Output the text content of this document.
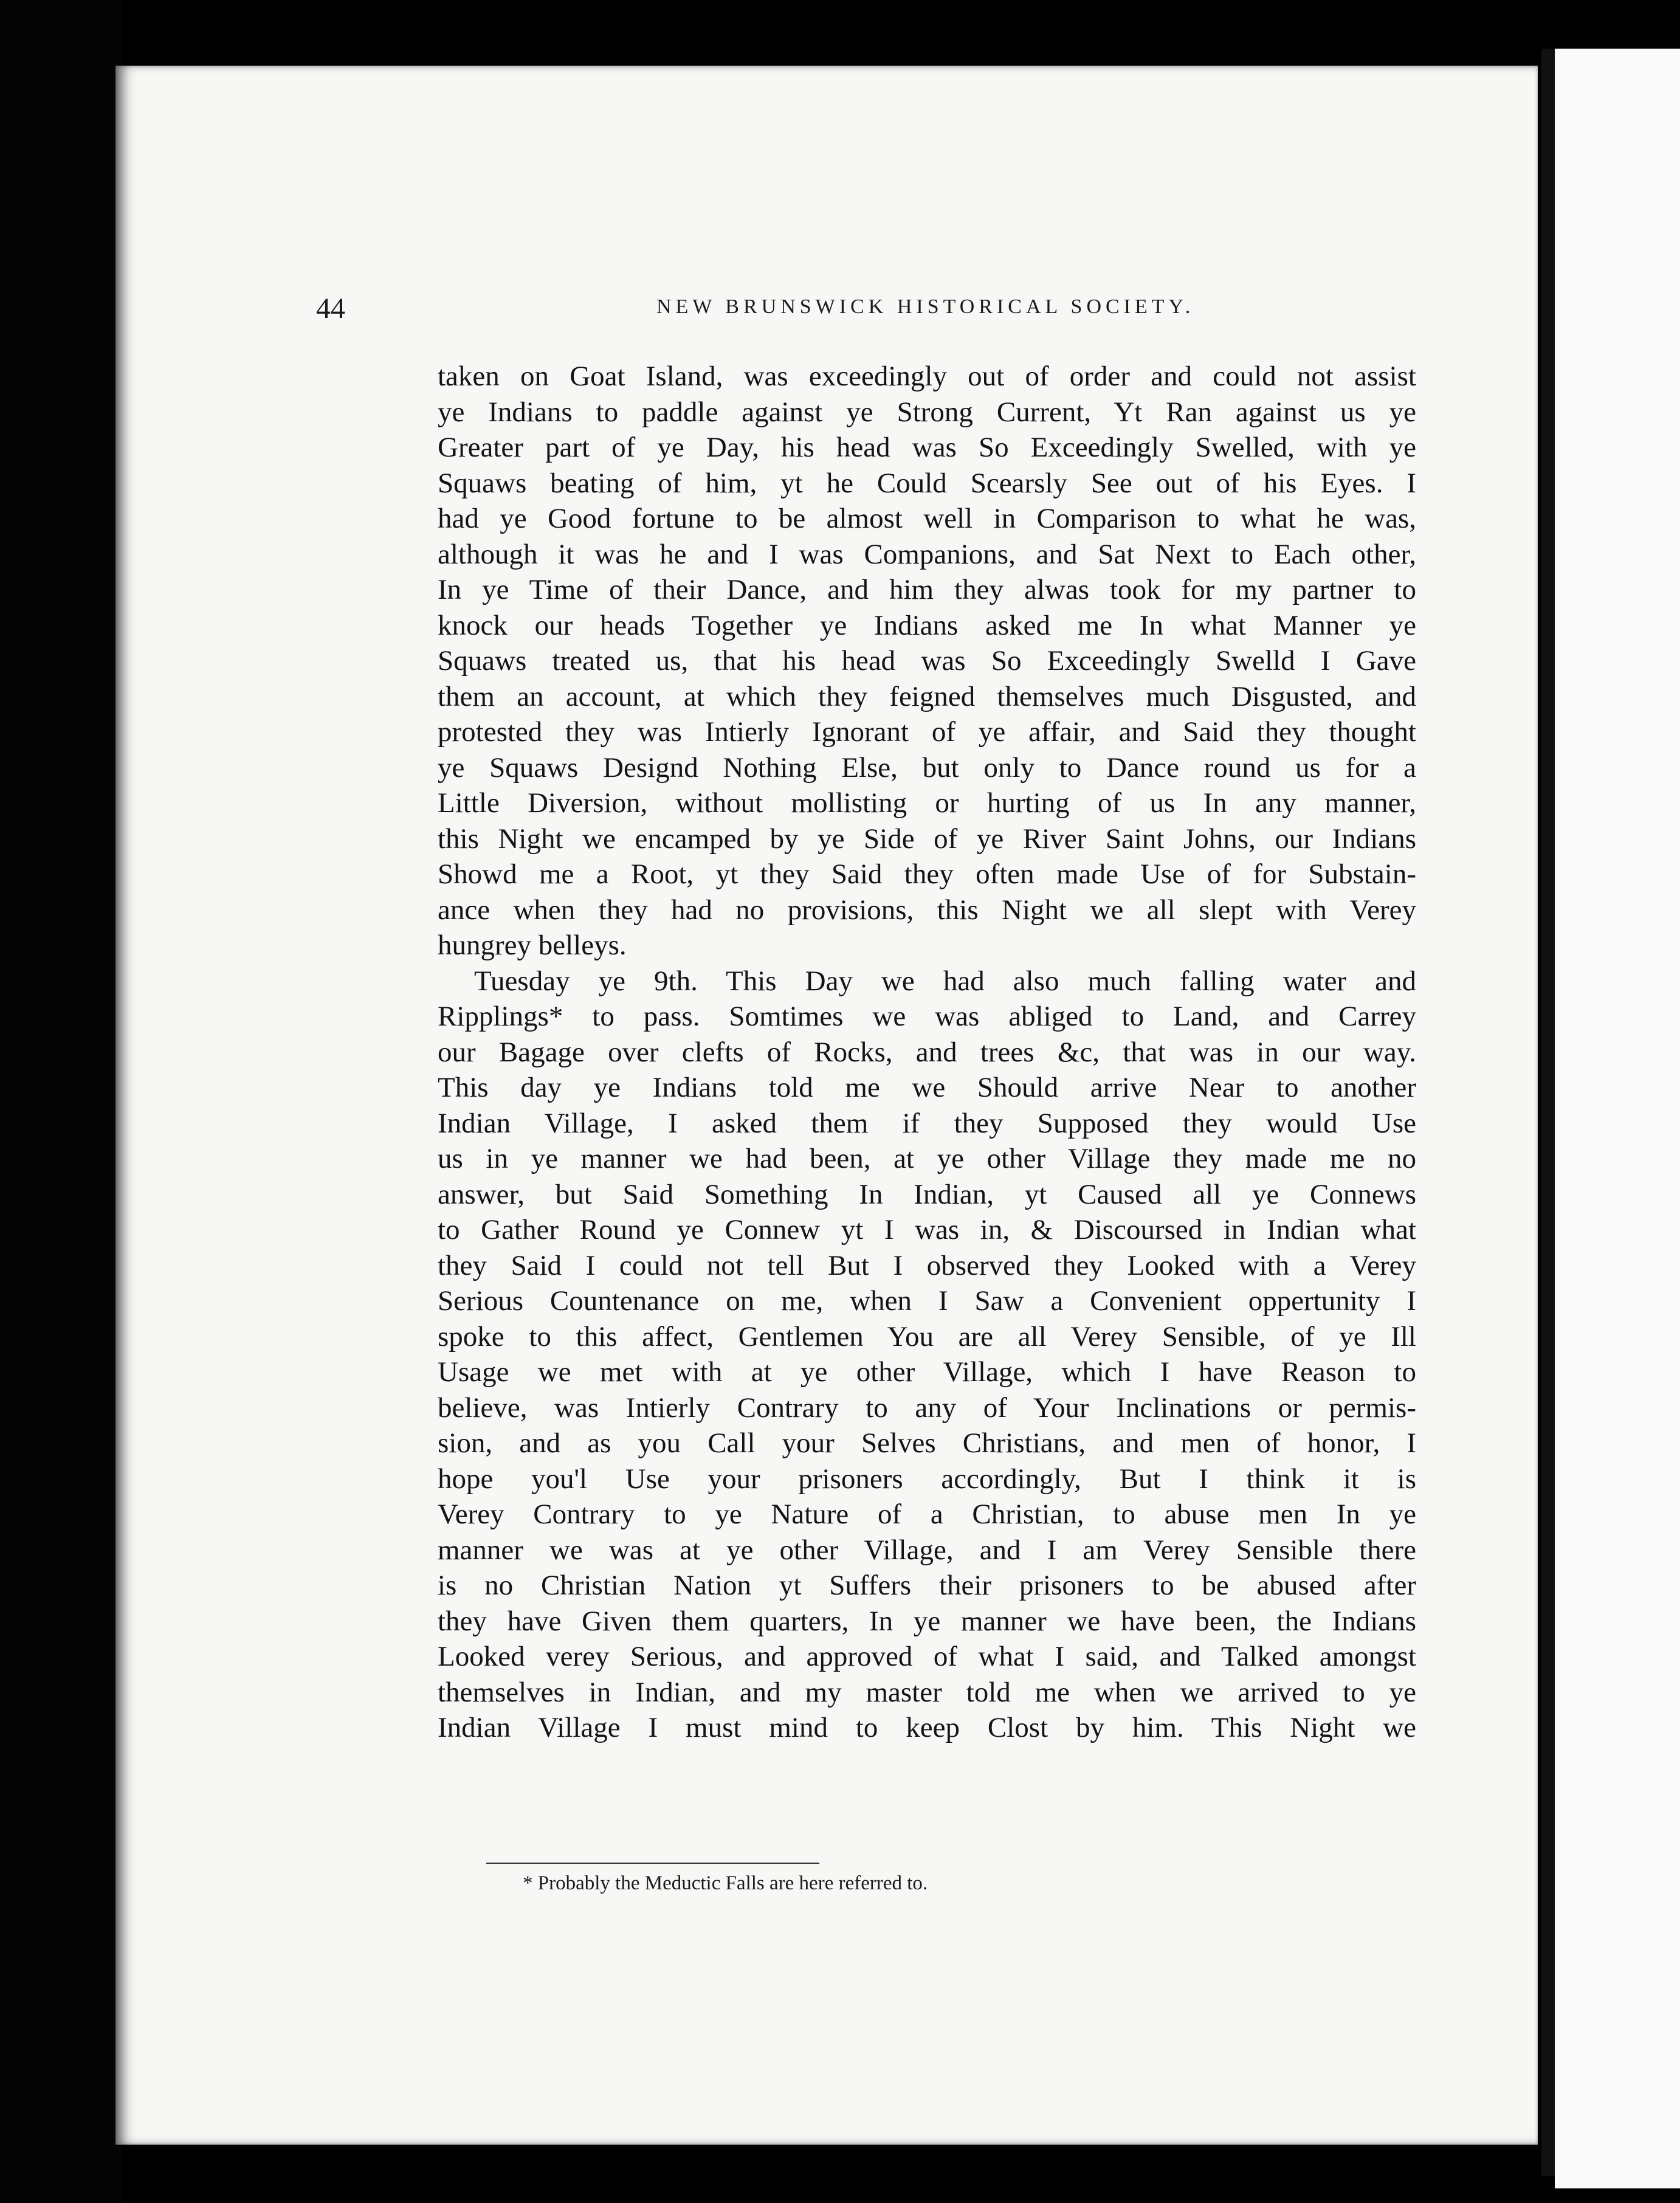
44	NEW BRUNSWICK HISTORICAL SOCIETY.
taken on Goat Island, was exceedingly out of order and could not assist
ye Indians to paddle against ye Strong Current, Yt Ran against us ye
Greater part of ye Day, his head was So Exceedingly Swelled, with ye
Squaws beating of him, yt he Could Scearsly See out of his Eyes. I
had ye Good fortune to be almost well in Comparison to what he was,
although it was he and I was Companions, and Sat Next to Each other,
In ye Time of their Dance, and him they alwas took for my partner to
knock our heads Together ye Indians asked me In what Manner ye
Squaws treated us, that his head was So Exceedingly Swelld I Gave
them an account, at which they feigned themselves much Disgusted, and
protested they was Intierly Ignorant of ye affair, and Said they thought
ye Squaws Designd Nothing Else, but only to Dance round us for a
Little Diversion, without mollisting or hurting of us In any manner,
this Night we encamped by ye Side of ye River Saint Johns, our Indians
Showd me a Root, yt they Said they often made Use of for Substain-
ance when they had no provisions, this Night we all slept with Verey
hungrey belleys.
Tuesday ye 9th. This Day we had also much falling water and
Ripplings* to pass. Somtimes we was abliged to Land, and Carrey
our Bagage over clefts of Rocks, and trees &c, that was in our way.
This day ye Indians told me we Should arrive Near to another
Indian Village, I asked them if they Supposed they would Use
us in ye manner we had been, at ye other Village they made me no
answer, but Said Something In Indian, yt Caused all ye Connews
to Gather Round ye Connew yt I was in, & Discoursed in Indian what
they Said I could not tell But I observed they Looked with a Verey
Serious Countenance on me, when I Saw a Convenient oppertunity I
spoke to this affect, Gentlemen You are all Verey Sensible, of ye Ill
Usage we met with at ye other Village, which I have Reason to
believe, was Intierly Contrary to any of Your Inclinations or permis-
sion, and as you Call your Selves Christians, and men of honor, I
hope you'l Use your prisoners accordingly, But I think it is
Verey Contrary to ye Nature of a Christian, to abuse men In ye
manner we was at ye other Village, and I am Verey Sensible there
is no Christian Nation yt Suffers their prisoners to be abused after
they have Given them quarters, In ye manner we have been, the Indians
Looked verey Serious, and approved of what I said, and Talked amongst
themselves in Indian, and my master told me when we arrived to ye
Indian Village I must mind to keep Clost by him. This Night we
* Probably the Meductic Falls are here referred to.
